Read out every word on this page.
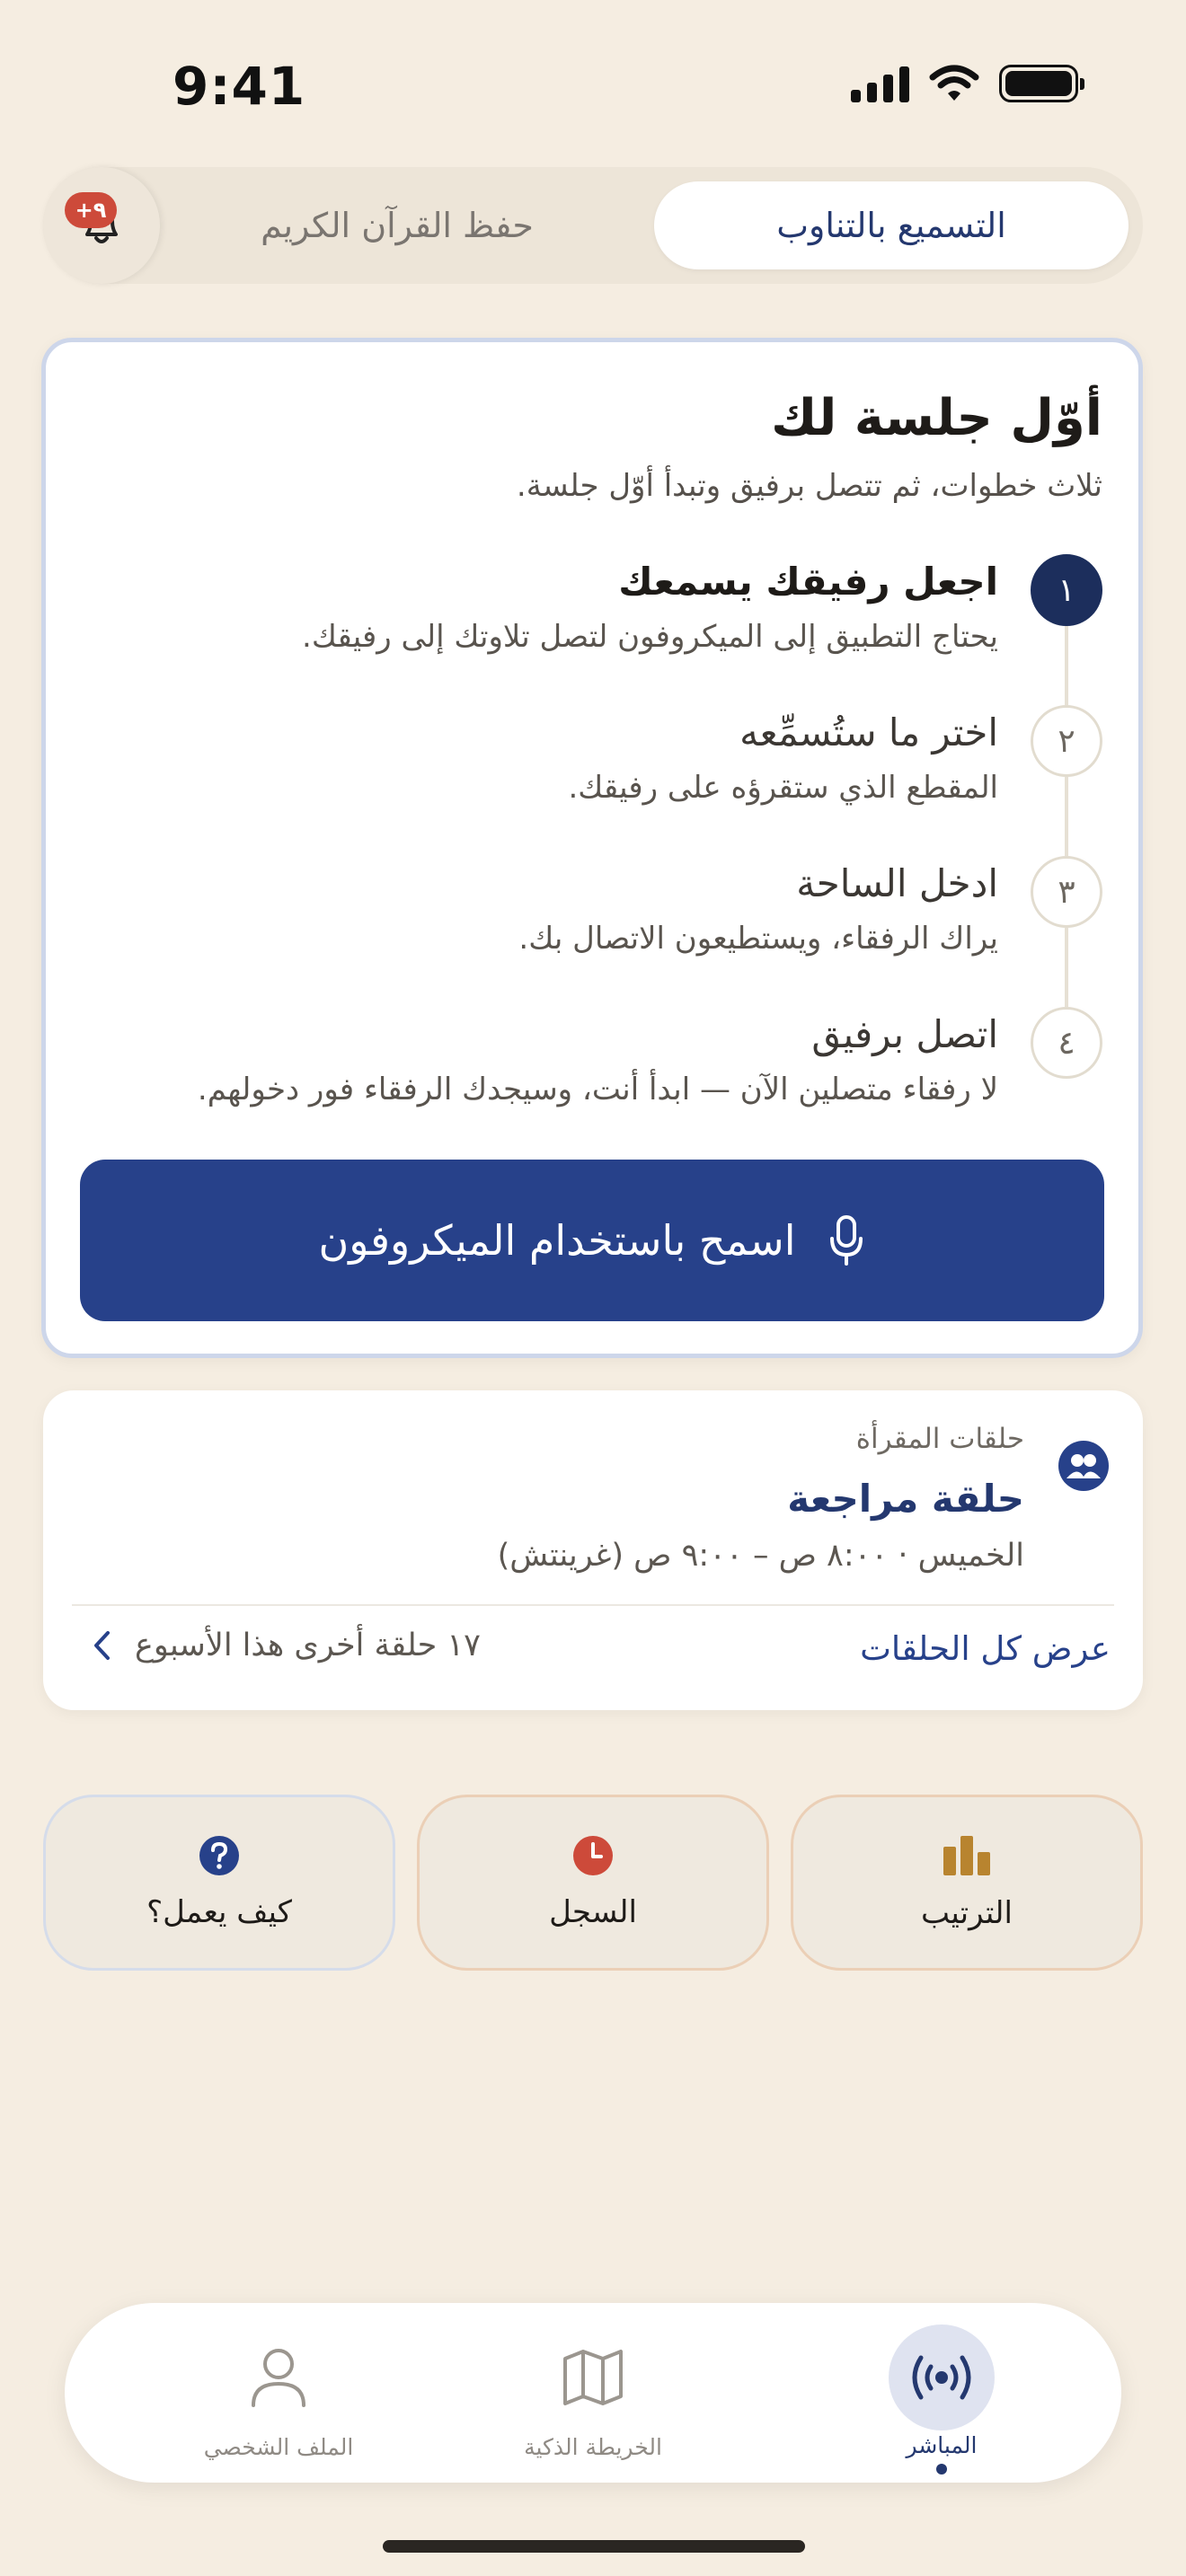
9:41
التسميع بالتناوب
حفظ القرآن الكريم
+٩
أوّل جلسة لك
ثلاث خطوات، ثم تتصل برفيق وتبدأ أوّل جلسة.
١
اجعل رفيقك يسمعك
يحتاج التطبيق إلى الميكروفون لتصل تلاوتك إلى رفيقك.
٢
اختر ما ستُسمِّعه
المقطع الذي ستقرؤه على رفيقك.
٣
ادخل الساحة
يراك الرفقاء، ويستطيعون الاتصال بك.
٤
اتصل برفيق
لا رفقاء متصلين الآن — ابدأ أنت، وسيجدك الرفقاء فور دخولهم.
اسمح باستخدام الميكروفون
حلقات المقرأة
حلقة مراجعة
الخميس · ٨:٠٠ ص – ٩:٠٠ ص (غرينتش)
عرض كل الحلقات
١٧ حلقة أخرى هذا الأسبوع
الترتيب
السجل
كيف يعمل؟
المباشر
الخريطة الذكية
الملف الشخصي
